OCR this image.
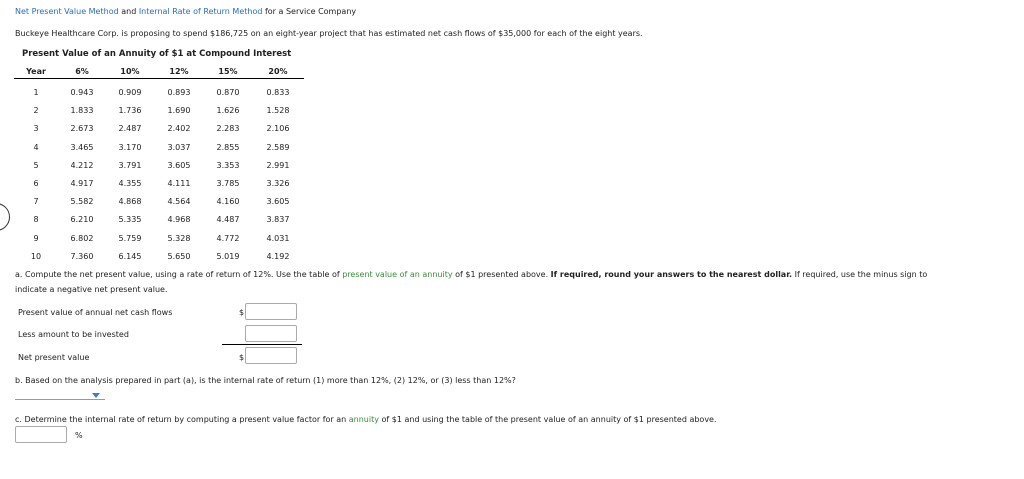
Net Present Value Method and Internal Rate of Return Method for a Service Company
Buckeye Healthcare Corp. is proposing to spend $186,725 on an eight-year project that has estimated net cash flows of $35,000 for each of the eight years.
Present Value of an Annuity of $1 at Compound Interest
Year	6%	10%	12%	15%	20%
1	0.943	0.909	0.893	0.870	0.833
2	1.833	1.736	1.690	1.626	1.528
3	2.673	2.487	2.402	2.283	2.106
4	3.465	3.170	3.037	2.855	2.589
5	4.212	3.791	3.605	3.353	2.991
6	4.917	4.355	4.111	3.785	3.326
7	5.582	4.868	4.564	4.160	3.605
8	6.210	5.335	4.968	4.487	3.837
9	6.802	5.759	5.328	4.772	4.031
10	7.360	6.145	5.650	5.019	4.192
a. Compute the net present value, using a rate of return of 12%. Use the table of present value of an annuity of $1 presented above. If required, round your answers to the nearest dollar. If required, use the minus sign to
indicate a negative net present value.
Present value of annual net cash flows	$
Less amount to be invested
Net present value	$
b. Based on the analysis prepared in part (a), is the internal rate of return (1) more than 12%, (2) 12%, or (3) less than 12%?
c. Determine the internal rate of return by computing a present value factor for an annuity of $1 and using the table of the present value of an annuity of $1 presented above.
%
